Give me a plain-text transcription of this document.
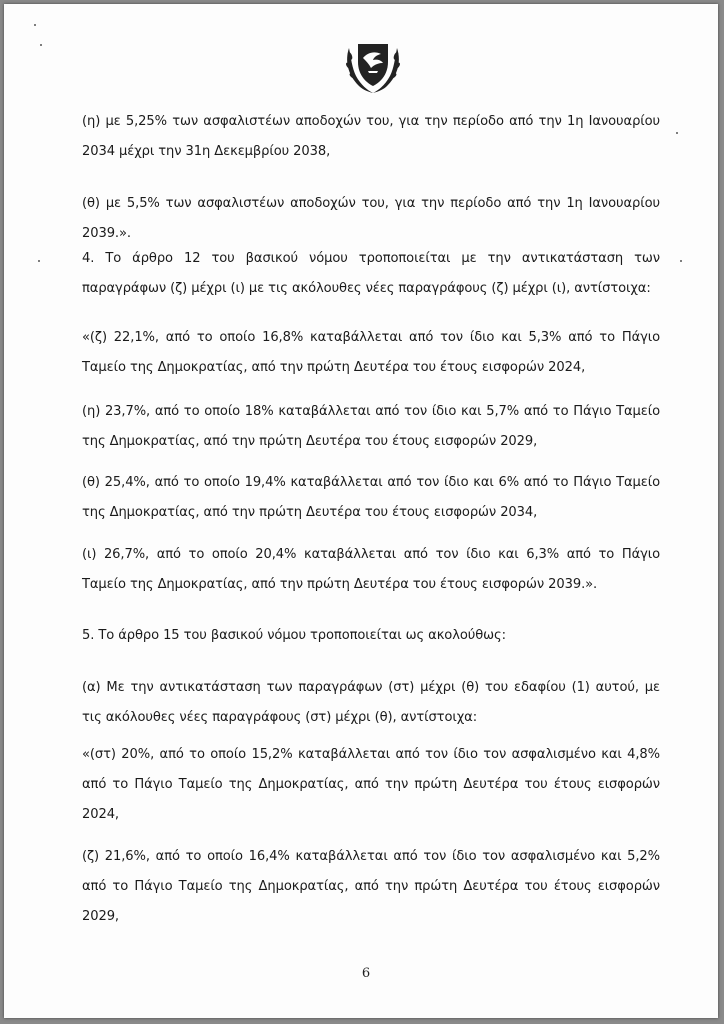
(η) με 5,25% των ασφαλιστέων αποδοχών του, για την περίοδο από την 1η Ιανουαρίου
2034 μέχρι την 31η Δεκεμβρίου 2038,
(θ) με 5,5% των ασφαλιστέων αποδοχών του, για την περίοδο από την 1η Ιανουαρίου
2039.».
4. Το άρθρο 12 του βασικού νόμου τροποποιείται με την αντικατάσταση των
παραγράφων (ζ) μέχρι (ι) με τις ακόλουθες νέες παραγράφους (ζ) μέχρι (ι), αντίστοιχα:
«(ζ) 22,1%, από το οποίο 16,8% καταβάλλεται από τον ίδιο και 5,3% από το Πάγιο
Ταμείο της Δημοκρατίας, από την πρώτη Δευτέρα του έτους εισφορών 2024,
(η) 23,7%, από το οποίο 18% καταβάλλεται από τον ίδιο και 5,7% από το Πάγιο Ταμείο
της Δημοκρατίας, από την πρώτη Δευτέρα του έτους εισφορών 2029,
(θ) 25,4%, από το οποίο 19,4% καταβάλλεται από τον ίδιο και 6% από το Πάγιο Ταμείο
της Δημοκρατίας, από την πρώτη Δευτέρα του έτους εισφορών 2034,
(ι) 26,7%, από το οποίο 20,4% καταβάλλεται από τον ίδιο και 6,3% από το Πάγιο
Ταμείο της Δημοκρατίας, από την πρώτη Δευτέρα του έτους εισφορών 2039.».
5. Το άρθρο 15 του βασικού νόμου τροποποιείται ως ακολούθως:
(α) Με την αντικατάσταση των παραγράφων (στ) μέχρι (θ) του εδαφίου (1) αυτού, με
τις ακόλουθες νέες παραγράφους (στ) μέχρι (θ), αντίστοιχα:
«(στ) 20%, από το οποίο 15,2% καταβάλλεται από τον ίδιο τον ασφαλισμένο και 4,8%
από το Πάγιο Ταμείο της Δημοκρατίας, από την πρώτη Δευτέρα του έτους εισφορών
2024,
(ζ) 21,6%, από το οποίο 16,4% καταβάλλεται από τον ίδιο τον ασφαλισμένο και 5,2%
από το Πάγιο Ταμείο της Δημοκρατίας, από την πρώτη Δευτέρα του έτους εισφορών
2029,
6
